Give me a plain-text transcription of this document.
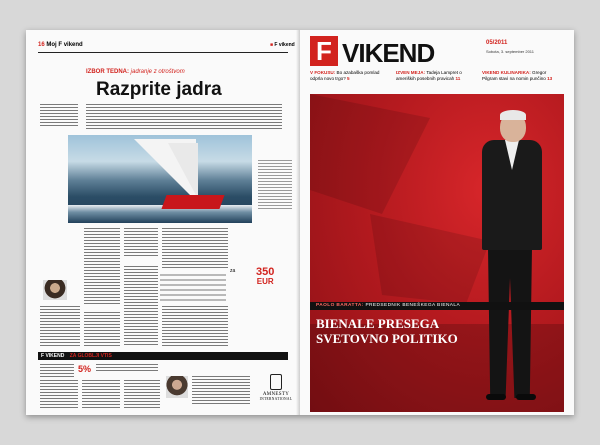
16 Moj F vikend	■ F vikend
IZBOR TEDNA: jadranje z otroštvom
Razprite jadra
za 350
EUR
F VIKEND ZA GLOBLJI VTIS
5%
AMNESTY
INTERNATIONAL
F VIKEND	05/2011
Sobota, 3. september 2011
V FOKUSU: Bo azabaška pomlad odprla novo trgo? 5
IZVEN MEJA: Tadeja Lampret o ameriških posebnih pravicah 11
VIKEND KULINARIKA: Gregor Pilgram stavi na nomin punčino 13
PAOLO BARATTA: PREDSEDNIK BENEŠKEGA BIENALA
BIENALE PRESEGA
SVETOVNO POLITIKO
